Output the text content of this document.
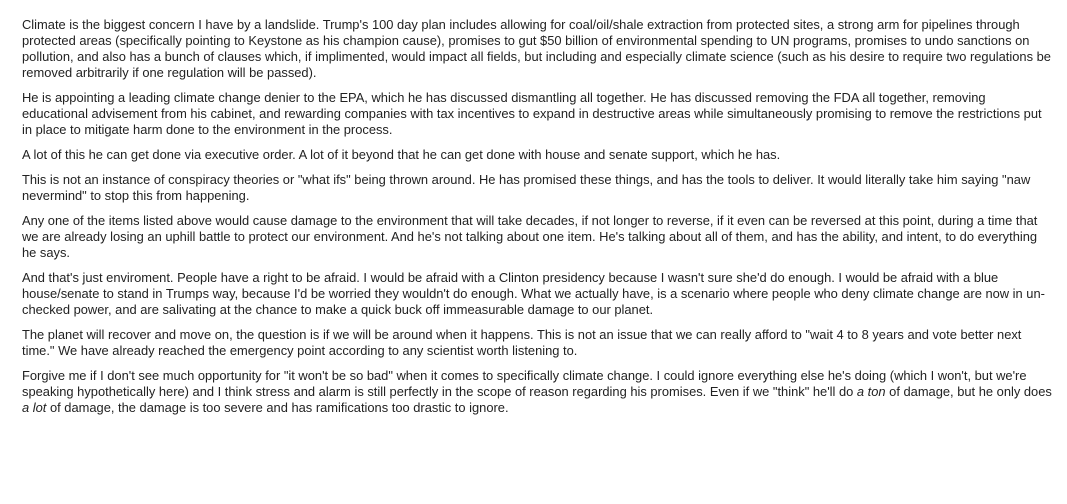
Climate is the biggest concern I have by a landslide. Trump's 100 day plan includes allowing for coal/oil/shale extraction from protected sites, a strong arm for pipelines through protected areas (specifically pointing to Keystone as his champion cause), promises to gut $50 billion of environmental spending to UN programs, promises to undo sanctions on pollution, and also has a bunch of clauses which, if implimented, would impact all fields, but including and especially climate science (such as his desire to require two regulations be removed arbitrarily if one regulation will be passed).

He is appointing a leading climate change denier to the EPA, which he has discussed dismantling all together. He has discussed removing the FDA all together, removing educational advisement from his cabinet, and rewarding companies with tax incentives to expand in destructive areas while simultaneously promising to remove the restrictions put in place to mitigate harm done to the environment in the process.

A lot of this he can get done via executive order. A lot of it beyond that he can get done with house and senate support, which he has.

This is not an instance of conspiracy theories or "what ifs" being thrown around. He has promised these things, and has the tools to deliver. It would literally take him saying "naw nevermind" to stop this from happening.

Any one of the items listed above would cause damage to the environment that will take decades, if not longer to reverse, if it even can be reversed at this point, during a time that we are already losing an uphill battle to protect our environment. And he's not talking about one item. He's talking about all of them, and has the ability, and intent, to do everything he says.

And that's just enviroment. People have a right to be afraid. I would be afraid with a Clinton presidency because I wasn't sure she'd do enough. I would be afraid with a blue house/senate to stand in Trumps way, because I'd be worried they wouldn't do enough. What we actually have, is a scenario where people who deny climate change are now in un-checked power, and are salivating at the chance to make a quick buck off immeasurable damage to our planet.

The planet will recover and move on, the question is if we will be around when it happens. This is not an issue that we can really afford to "wait 4 to 8 years and vote better next time." We have already reached the emergency point according to any scientist worth listening to.

Forgive me if I don't see much opportunity for "it won't be so bad" when it comes to specifically climate change. I could ignore everything else he's doing (which I won't, but we're speaking hypothetically here) and I think stress and alarm is still perfectly in the scope of reason regarding his promises. Even if we "think" he'll do a ton of damage, but he only does a lot of damage, the damage is too severe and has ramifications too drastic to ignore.
